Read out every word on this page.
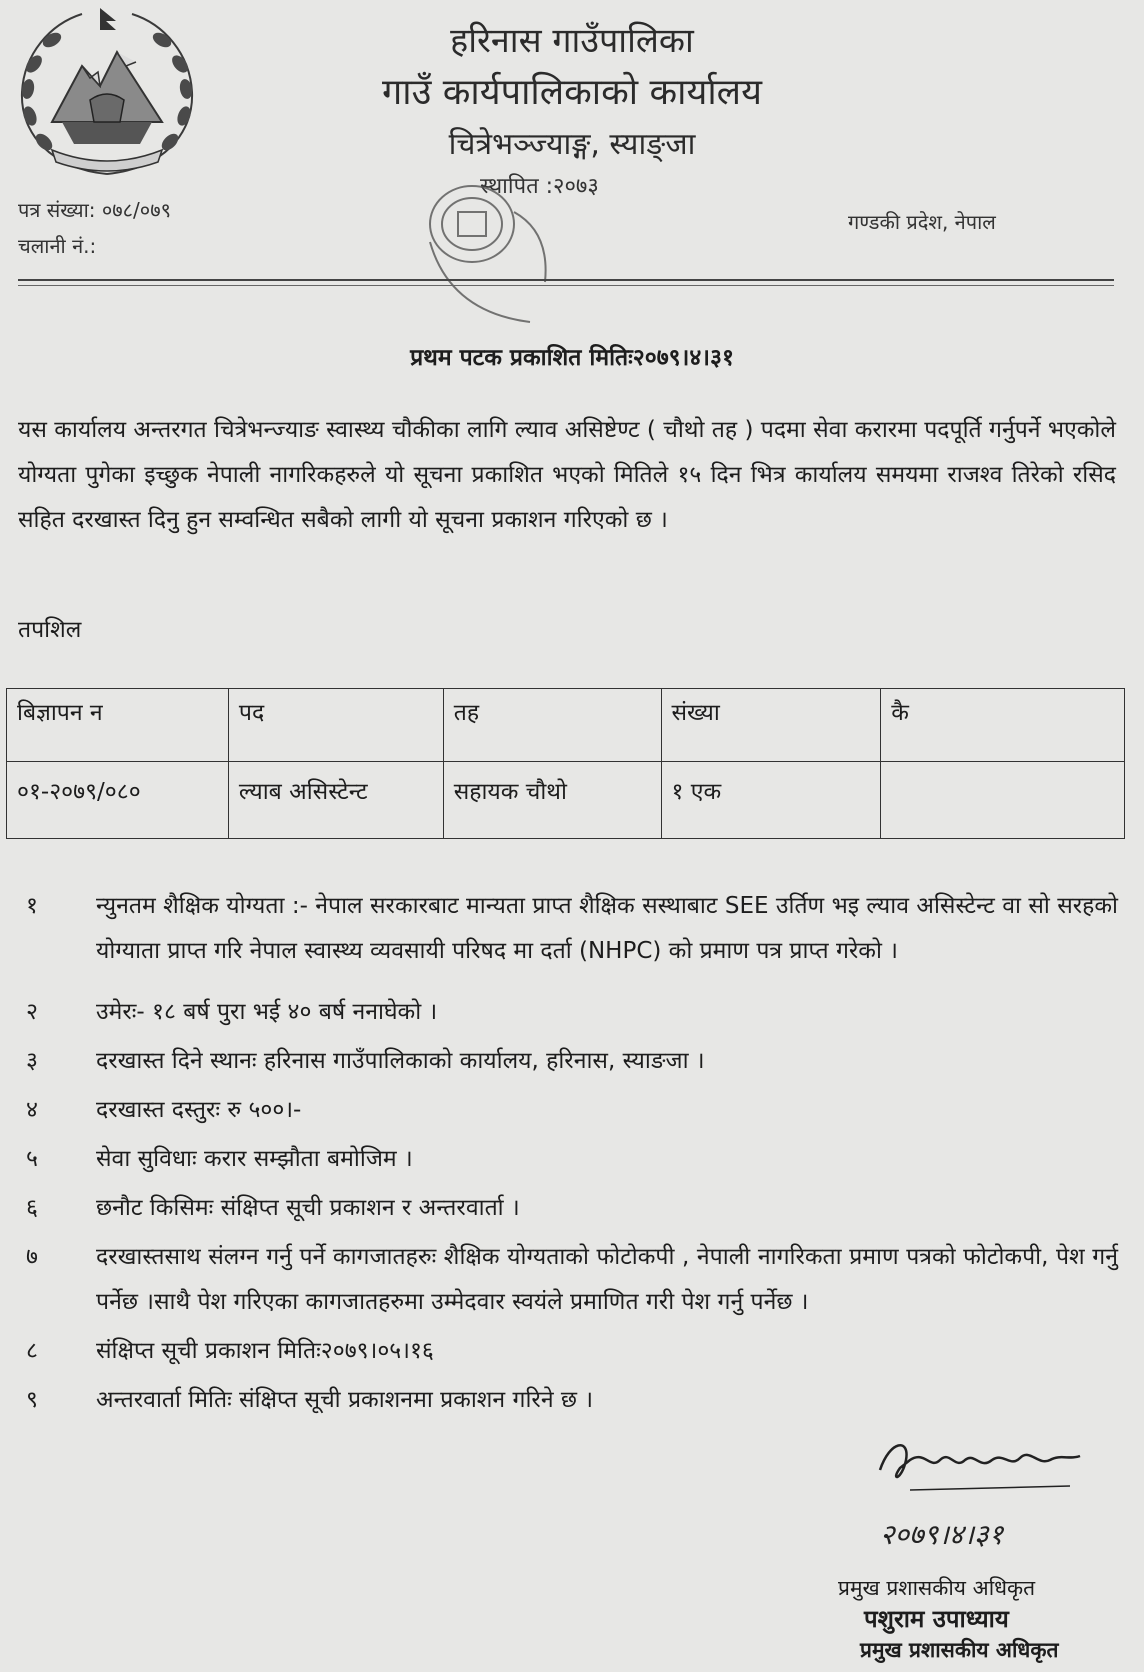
हरिनास गाउँपालिका
गाउँ कार्यपालिकाको कार्यालय
चित्रेभञ्ज्याङ्ग, स्याङ्जा
स्थापित :२०७३
पत्र संख्या: ०७८/०७९
चलानी नं.:
गण्डकी प्रदेश, नेपाल
प्रथम पटक प्रकाशित मितिः२०७९।४।३१
यस कार्यालय अन्तरगत चित्रेभन्ज्याङ स्वास्थ्य चौकीका लागि ल्याव असिष्टेण्ट ( चौथो तह ) पदमा सेवा करारमा पदपूर्ति गर्नुपर्ने भएकोले योग्यता पुगेका इच्छुक नेपाली नागरिकहरुले यो सूचना प्रकाशित भएको मितिले १५ दिन भित्र कार्यालय समयमा राजश्व तिरेको रसिद सहित दरखास्त दिनु हुन सम्वन्धित सबैको लागी यो सूचना प्रकाशन गरिएको छ ।
तपशिल
बिज्ञापन न	पद	तह	संख्या	कै
०१-२०७९/०८०	ल्याब असिस्टेन्ट	सहायक चौथो	१ एक	
१	न्युनतम शैक्षिक योग्यता :- नेपाल सरकारबाट मान्यता प्राप्त शैक्षिक सस्थाबाट SEE उर्तिण भइ ल्याव असिस्टेन्ट वा सो सरहको योग्याता प्राप्त गरि नेपाल स्वास्थ्य व्यवसायी परिषद मा दर्ता (NHPC) को प्रमाण पत्र प्राप्त गरेको ।
२	उमेरः- १८ बर्ष पुरा भई ४० बर्ष ननाघेको ।
३	दरखास्त दिने स्थानः हरिनास गाउँपालिकाको कार्यालय, हरिनास, स्याङजा ।
४	दरखास्त दस्तुरः रु ५००।-
५	सेवा सुविधाः करार सम्झौता बमोजिम ।
६	छनौट किसिमः संक्षिप्त सूची प्रकाशन र अन्तरवार्ता ।
७	दरखास्तसाथ संलग्न गर्नु पर्ने कागजातहरुः शैक्षिक योग्यताको फोटोकपी , नेपाली नागरिकता प्रमाण पत्रको फोटोकपी, पेश गर्नु पर्नेछ ।साथै पेश गरिएका कागजातहरुमा उम्मेदवार स्वयंले प्रमाणित गरी पेश गर्नु पर्नेछ ।
८	संक्षिप्त सूची प्रकाशन मितिः२०७९।०५।१६
९	अन्तरवार्ता मितिः संक्षिप्त सूची प्रकाशनमा प्रकाशन गरिने छ ।
२०७९।४।३१
प्रमुख प्रशासकीय अधिकृत
पशुराम उपाध्याय
प्रमुख प्रशासकीय अधिकृत
